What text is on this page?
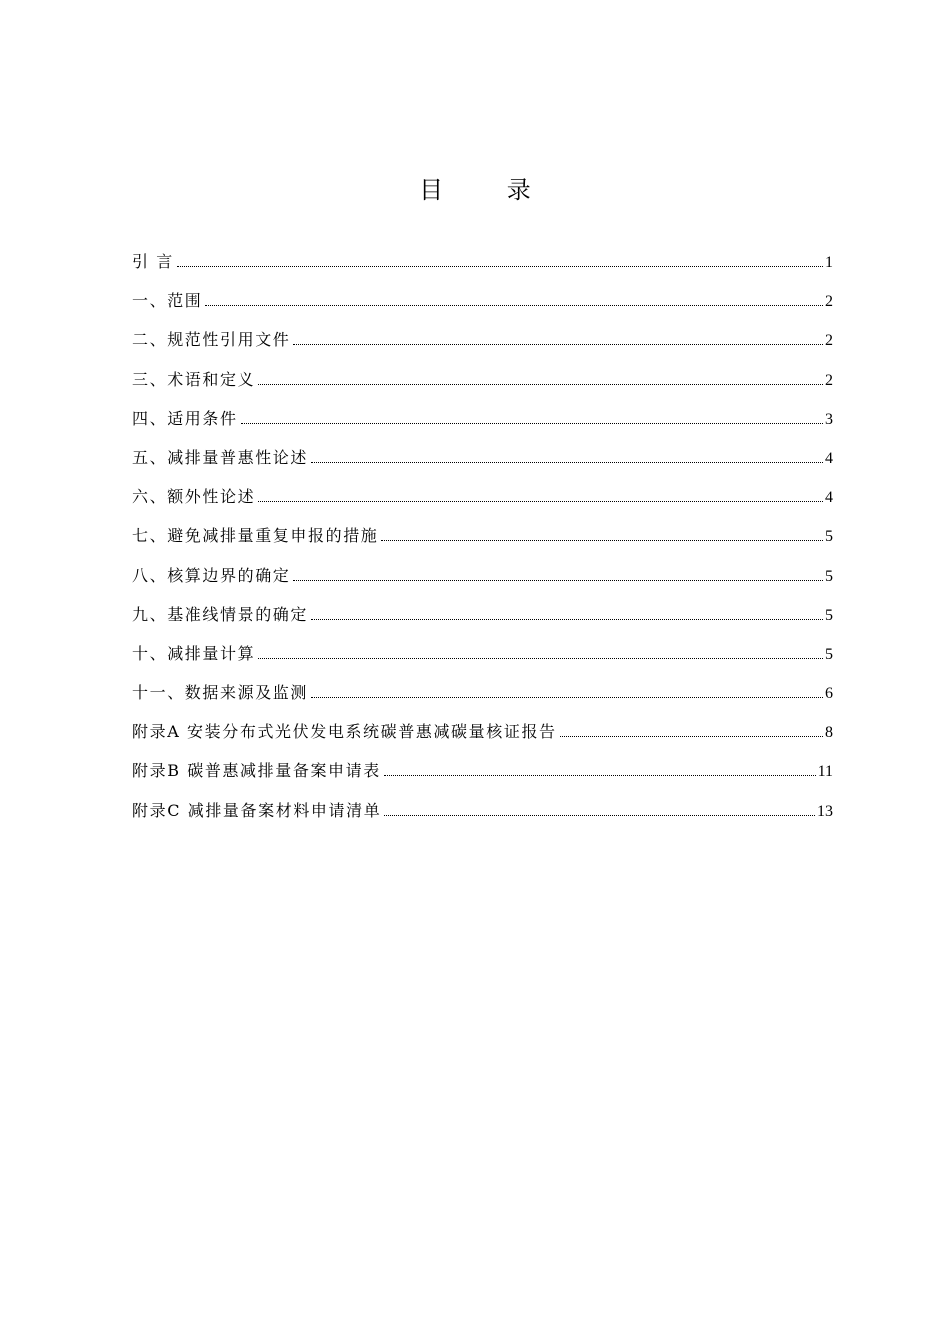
目 录
引 言	1
一、范围	2
二、规范性引用文件	2
三、术语和定义	2
四、适用条件	3
五、减排量普惠性论述	4
六、额外性论述	4
七、避免减排量重复申报的措施	5
八、核算边界的确定	5
九、基准线情景的确定	5
十、减排量计算	5
十一、数据来源及监测	6
附录A 安装分布式光伏发电系统碳普惠减碳量核证报告	8
附录B 碳普惠减排量备案申请表	11
附录C 减排量备案材料申请清单	13
